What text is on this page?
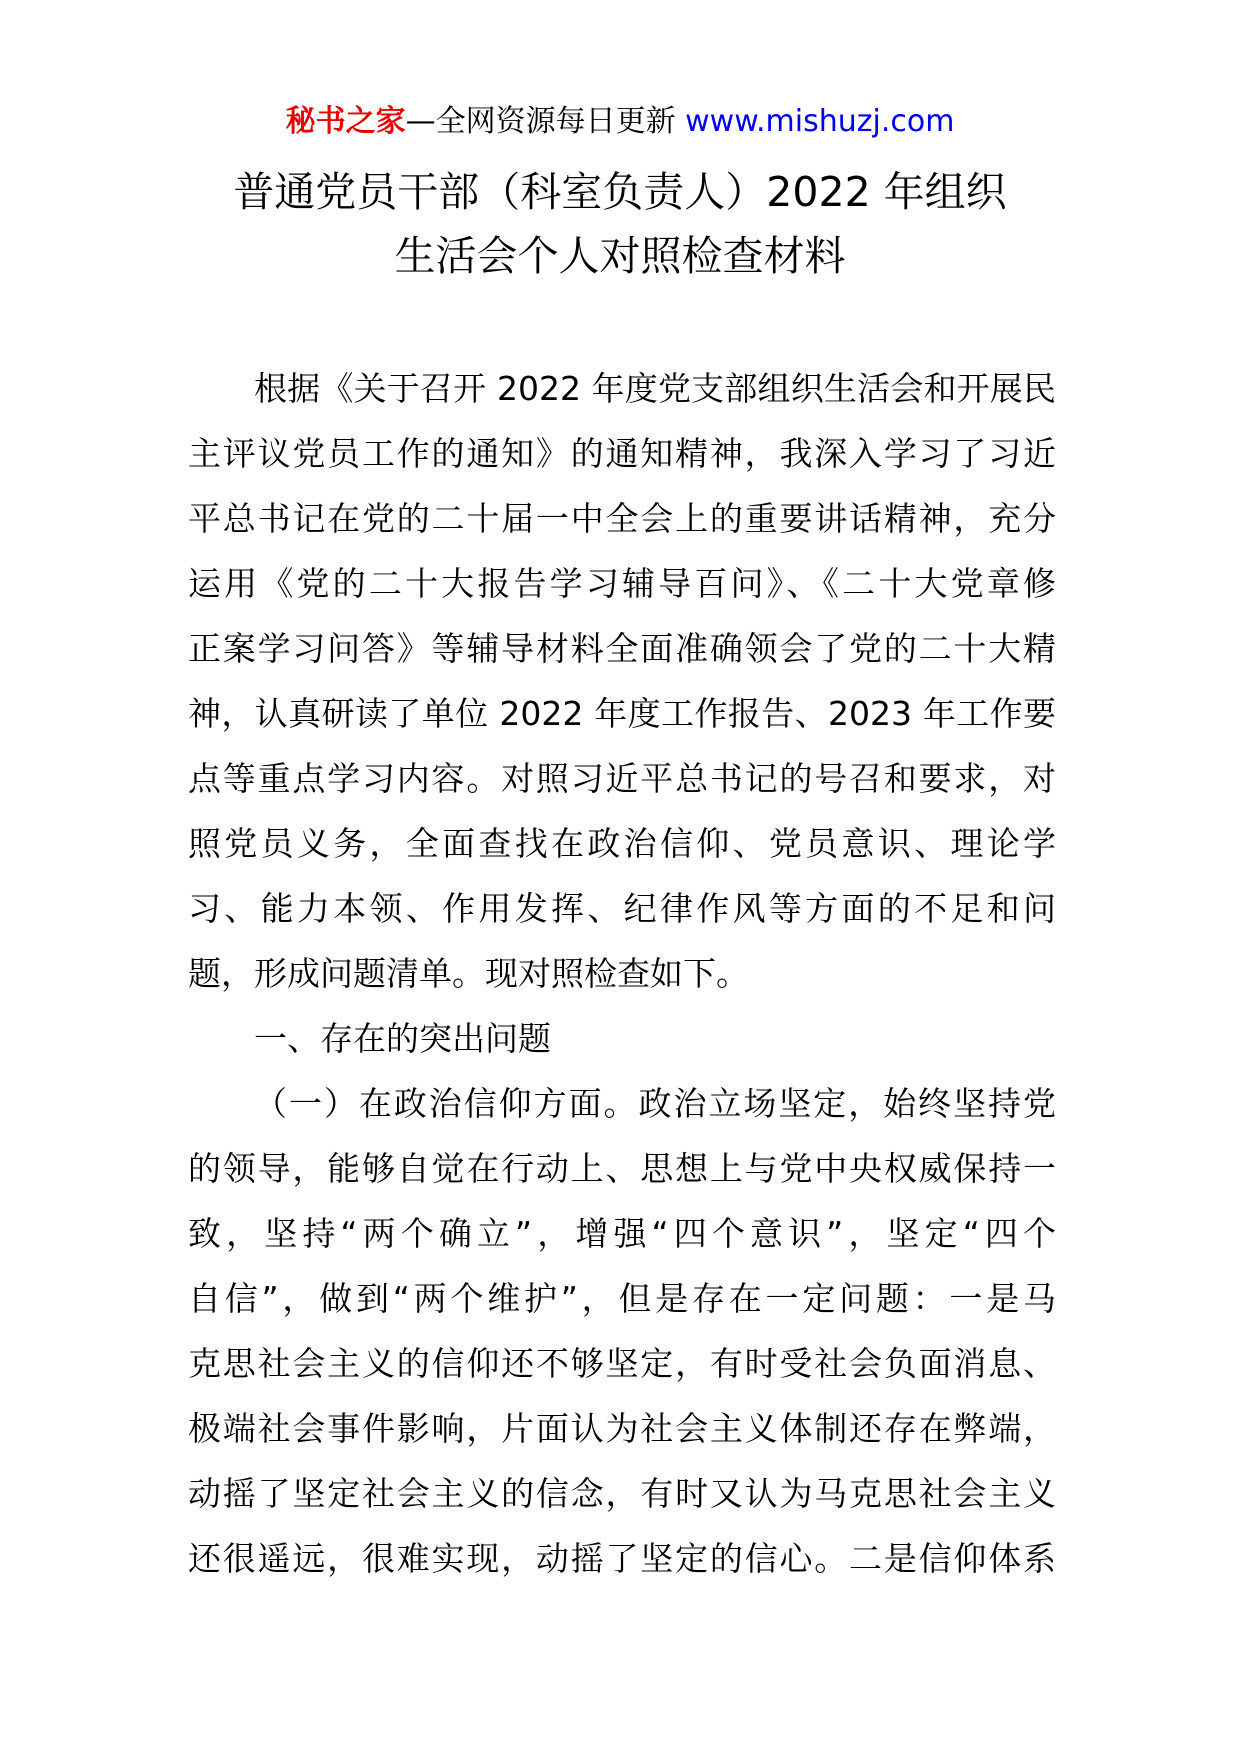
秘书之家—全网资源每日更新 www.mishuzj.com
普通党员干部（科室负责人）2022 年组织
生活会个人对照检查材料
根据《关于召开 2022 年度党支部组织生活会和开展民
主评议党员工作的通知》的通知精神，我深入学习了习近
平总书记在党的二十届一中全会上的重要讲话精神，充分
运用《党的二十大报告学习辅导百问》、《二十大党章修
正案学习问答》等辅导材料全面准确领会了党的二十大精
神，认真研读了单位 2022 年度工作报告、2023 年工作要
点等重点学习内容。对照习近平总书记的号召和要求，对
照党员义务，全面查找在政治信仰、党员意识、理论学
习、能力本领、作用发挥、纪律作风等方面的不足和问
题，形成问题清单。现对照检查如下。
一、存在的突出问题
（一）在政治信仰方面。政治立场坚定，始终坚持党
的领导，能够自觉在行动上、思想上与党中央权威保持一
致，坚持“两个确立”，增强“四个意识”，坚定“四个
自信”，做到“两个维护”，但是存在一定问题：一是马
克思社会主义的信仰还不够坚定，有时受社会负面消息、
极端社会事件影响，片面认为社会主义体制还存在弊端，
动摇了坚定社会主义的信念，有时又认为马克思社会主义
还很遥远，很难实现，动摇了坚定的信心。二是信仰体系
